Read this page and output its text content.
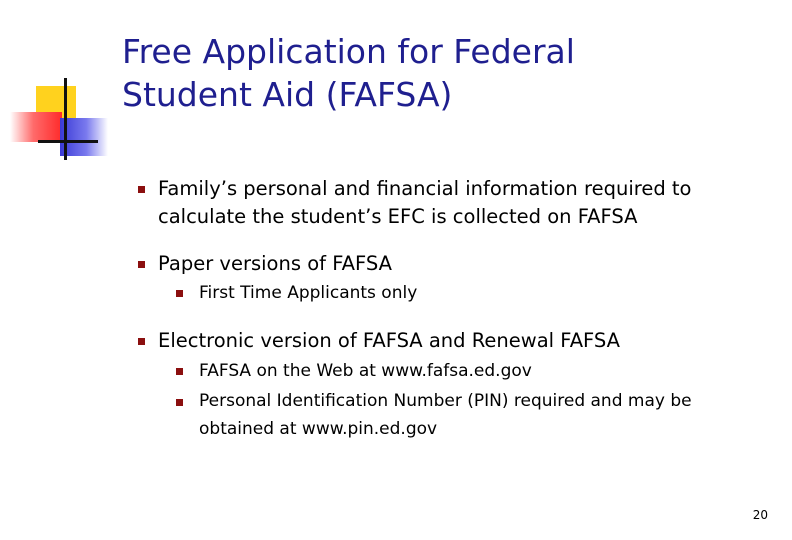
Free Application for Federal
Student Aid (FAFSA)
Family’s personal and financial information required to
calculate the student’s EFC is collected on FAFSA
Paper versions of FAFSA
First Time Applicants only
Electronic version of FAFSA and Renewal FAFSA
FAFSA on the Web at www.fafsa.ed.gov
Personal Identification Number (PIN) required and may be
obtained at www.pin.ed.gov
20
